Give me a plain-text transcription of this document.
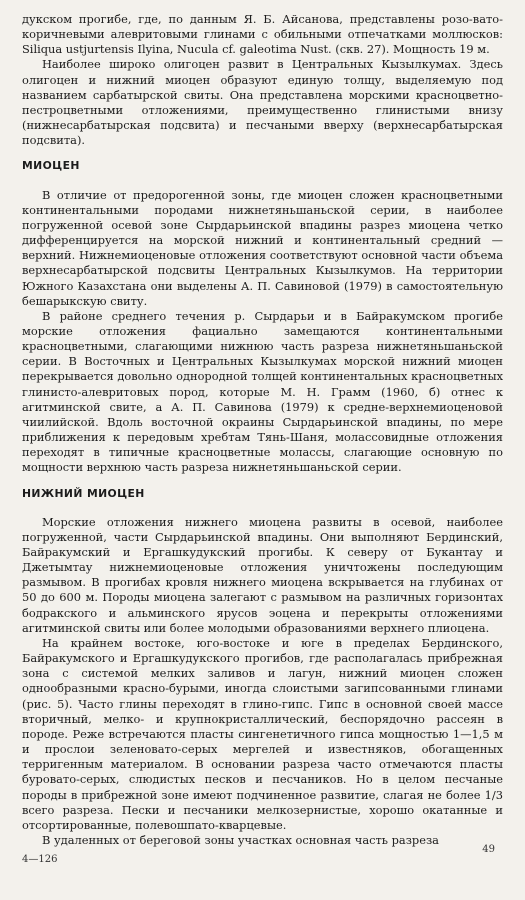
дукском прогибе, где, по данным Я. Б. Айсанова, представлены розо-вато-коричневыми алевритовыми глинами с обильными отпечатками моллюсков: Siliqua ustjurtensis Ilyina, Nucula cf. galeotima Nust. (скв. 27). Мощность 19 м.

Наиболее широко олигоцен развит в Центральных Кызылкумах. Здесь олигоцен и нижний миоцен образуют единую толщу, выделяемую под названием сарбатырской свиты. Она представлена морскими красноцветно-пестроцветными отложениями, преимущественно глинистыми внизу (нижнесарбатырская подсвита) и песчаными вверху (верхнесарбатырская подсвита).

МИОЦЕН

В отличие от предорогенной зоны, где миоцен сложен красноцветными континентальными породами нижнетяньшаньской серии, в наиболее погруженной осевой зоне Сырдарьинской впадины разрез миоцена четко дифференцируется на морской нижний и континентальный средний — верхний. Нижнемиоценовые отложения соответствуют основной части объема верхнесарбатырской подсвиты Центральных Кызылкумов. На территории Южного Казахстана они выделены А. П. Савиновой (1979) в самостоятельную бешарыкскую свиту.

В районе среднего течения р. Сырдарьи и в Байракумском прогибе морские отложения фациально замещаются континентальными красноцветными, слагающими нижнюю часть разреза нижнетяньшаньской серии. В Восточных и Центральных Кызылкумах морской нижний миоцен перекрывается довольно однородной толщей континентальных красноцветных глинисто-алевритовых пород, которые М. Н. Грамм (1960, б) отнес к агитминской свите, а А. П. Савинова (1979) к средне-верхнемиоценовой чиилийской. Вдоль восточной окраины Сырдарьинской впадины, по мере приближения к передовым хребтам Тянь-Шаня, молассовидные отложения переходят в типичные красноцветные молассы, слагающие основную по мощности верхнюю часть разреза нижнетяньшаньской серии.

НИЖНИЙ МИОЦЕН

Морские отложения нижнего миоцена развиты в осевой, наиболее погруженной, части Сырдарьинской впадины. Они выполняют Бердинский, Байракумский и Ергашкудукский прогибы. К северу от Букантау и Джетымтау нижнемиоценовые отложения уничтожены последующим размывом. В прогибах кровля нижнего миоцена вскрывается на глубинах от 50 до 600 м. Породы миоцена залегают с размывом на различных горизонтах бодракского и альминского ярусов эоцена и перекрыты отложениями агитминской свиты или более молодыми образованиями верхнего плиоцена.

На крайнем востоке, юго-востоке и юге в пределах Бердинского, Байракумского и Ергашкудукского прогибов, где располагалась прибрежная зона с системой мелких заливов и лагун, нижний миоцен сложен однообразными красно-бурыми, иногда слоистыми загипсованными глинами (рис. 5). Часто глины переходят в глино-гипс. Гипс в основной своей массе вторичный, мелко- и крупнокристаллический, беспорядочно рассеян в породе. Реже встречаются пласты сингенетичного гипса мощностью 1—1,5 м и прослои зеленовато-серых мергелей и известняков, обогащенных терригенным материалом. В основании разреза часто отмечаются пласты буровато-серых, слюдистых песков и песчаников. Но в целом песчаные породы в прибрежной зоне имеют подчиненное развитие, слагая не более 1/3 всего разреза. Пески и песчаники мелкозернистые, хорошо окатанные и отсортированные, полевошпато-кварцевые.

В удаленных от береговой зоны участках основная часть разреза

4—126
49
